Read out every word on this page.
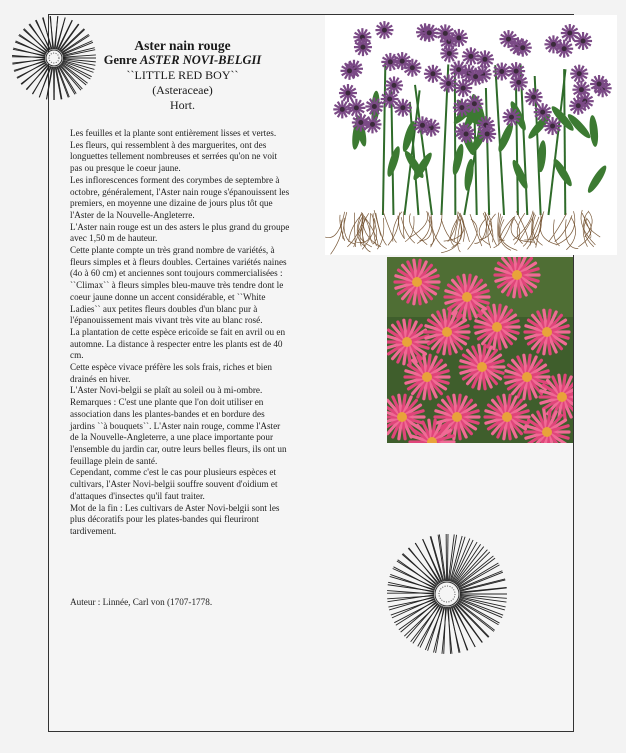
Aster nain rouge
Genre ASTER NOVI-BELGII
``LITTLE RED BOY``
(Asteraceae)
Hort.

Les feuilles et la plante sont entièrement lisses et vertes.

Les fleurs, qui ressemblent à des marguerites, ont des longuettes tellement nombreuses et serrées qu'on ne voit pas ou presque le coeur jaune.

Les inflorescences forment des corymbes de septembre à octobre, généralement, l'Aster nain rouge s'épanouissent les premiers, en moyenne une dizaine de jours plus tôt que l'Aster de la Nouvelle-Angleterre.

L'Aster nain rouge est un des asters le plus grand du groupe avec 1,50 m de hauteur.

Cette plante compte un très grand nombre de variétés, à fleurs simples et à fleurs doubles. Certaines variétés naines (4o à 60 cm) et anciennes sont toujours commercialisées : ``Climax`` à fleurs simples bleu-mauve très tendre dont le coeur jaune donne un accent considérable, et ``White Ladies`` aux petites fleurs doubles d'un blanc pur à l'épanouissement mais vivant très vite au blanc rosé.

La plantation de cette espèce ericoïde se fait en avril ou en automne. La distance à respecter entre les plants est de 40 cm.

Cette espèce vivace préfère les sols frais, riches et bien drainés en hiver.

L'Aster Novi-belgii se plaît au soleil ou à mi-ombre.

Remarques : C'est une plante que l'on doit utiliser en association dans les plantes-bandes et en bordure des jardins ``à bouquets``. L'Aster nain rouge, comme l'Aster de la Nouvelle-Angleterre, a une place importante pour l'ensemble du jardin car, outre leurs belles fleurs, ils ont un feuillage plein de santé.

Cependant, comme c'est le cas pour plusieurs espèces et cultivars, l'Aster Novi-belgii souffre souvent d'oidium et d'attaques d'insectes qu'il faut traiter.

Mot de la fin : Les cultivars de Aster Novi-belgii sont les plus décoratifs pour les plates-bandes qui fleuriront tardivement.

Auteur : Linnée, Carl von (1707-1778.
